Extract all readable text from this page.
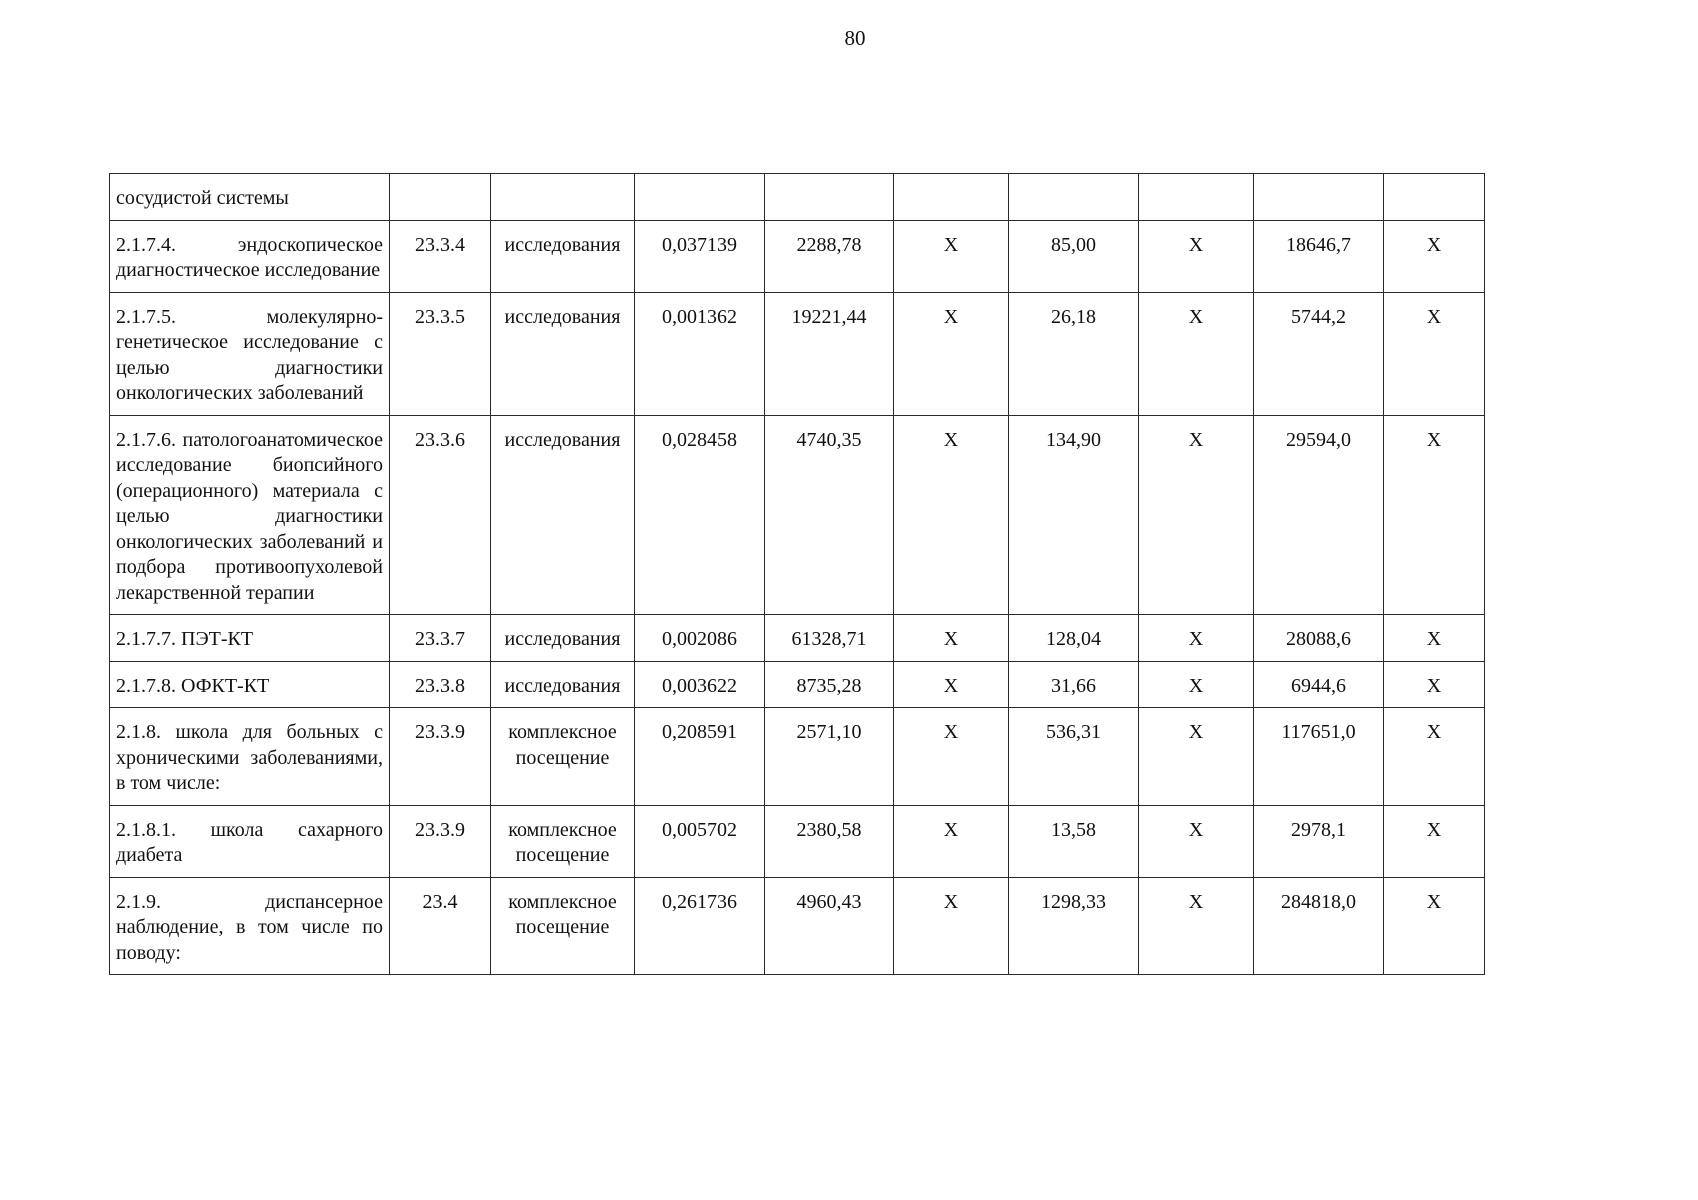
80
сосудистой системы									
2.1.7.4. эндоскопическое диагностическое исследование	23.3.4	исследования	0,037139	2288,78	X	85,00	X	18646,7	X
2.1.7.5. молекулярно-генетическое исследование с целью диагностики онкологических заболеваний	23.3.5	исследования	0,001362	19221,44	X	26,18	X	5744,2	X
2.1.7.6. патологоанатомическое исследование биопсийного (операционного) материала с целью диагностики онкологических заболеваний и подбора противоопухолевой лекарственной терапии	23.3.6	исследования	0,028458	4740,35	X	134,90	X	29594,0	X
2.1.7.7. ПЭТ-КТ	23.3.7	исследования	0,002086	61328,71	X	128,04	X	28088,6	X
2.1.7.8. ОФКТ-КТ	23.3.8	исследования	0,003622	8735,28	X	31,66	X	6944,6	X
2.1.8. школа для больных с хроническими заболеваниями, в том числе:	23.3.9	комплексное посещение	0,208591	2571,10	X	536,31	X	117651,0	X
2.1.8.1. школа сахарного диабета	23.3.9	комплексное посещение	0,005702	2380,58	X	13,58	X	2978,1	X
2.1.9. диспансерное наблюдение, в том числе по поводу:	23.4	комплексное посещение	0,261736	4960,43	X	1298,33	X	284818,0	X
